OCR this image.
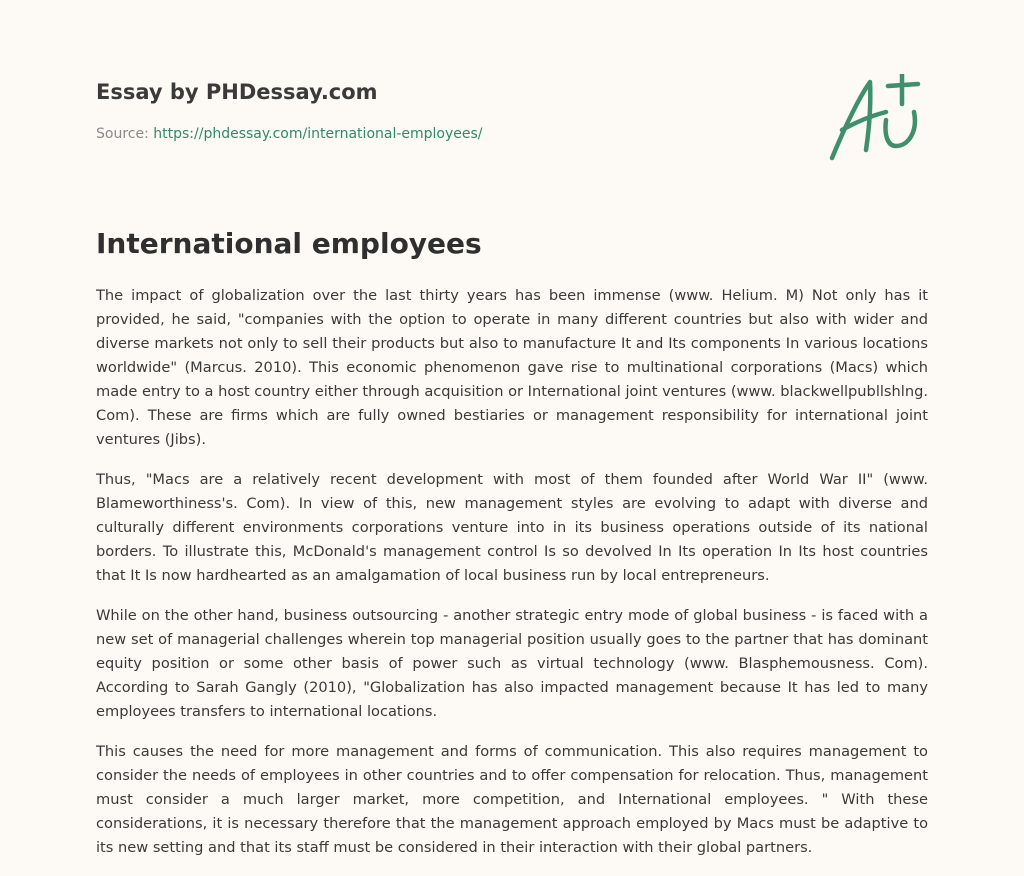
Essay by PHDessay.com
Source: https://phdessay.com/international-employees/
International employees

The impact of globalization over the last thirty years has been immense (www. Helium. M) Not only has it provided, he said, "companies with the option to operate in many different countries but also with wider and diverse markets not only to sell their products but also to manufacture It and Its components In various locations worldwide" (Marcus. 2010). This economic phenomenon gave rise to multinational corporations (Macs) which made entry to a host country either through acquisition or International joint ventures (www. blackwellpubllshlng. Com). These are firms which are fully owned bestiaries or management responsibility for international joint ventures (Jibs).

Thus, "Macs are a relatively recent development with most of them founded after World War II" (www. Blameworthiness's. Com). In view of this, new management styles are evolving to adapt with diverse and culturally different environments corporations venture into in its business operations outside of its national borders. To illustrate this, McDonald's management control Is so devolved In Its operation In Its host countries that It Is now hardhearted as an amalgamation of local business run by local entrepreneurs.

While on the other hand, business outsourcing - another strategic entry mode of global business - is faced with a new set of managerial challenges wherein top managerial position usually goes to the partner that has dominant equity position or some other basis of power such as virtual technology (www. Blasphemousness. Com). According to Sarah Gangly (2010), "Globalization has also impacted management because It has led to many employees transfers to international locations.

This causes the need for more management and forms of communication. This also requires management to consider the needs of employees in other countries and to offer compensation for relocation. Thus, management must consider a much larger market, more competition, and International employees. " With these considerations, it is necessary therefore that the management approach employed by Macs must be adaptive to its new setting and that its staff must be considered in their interaction with their global partners.
